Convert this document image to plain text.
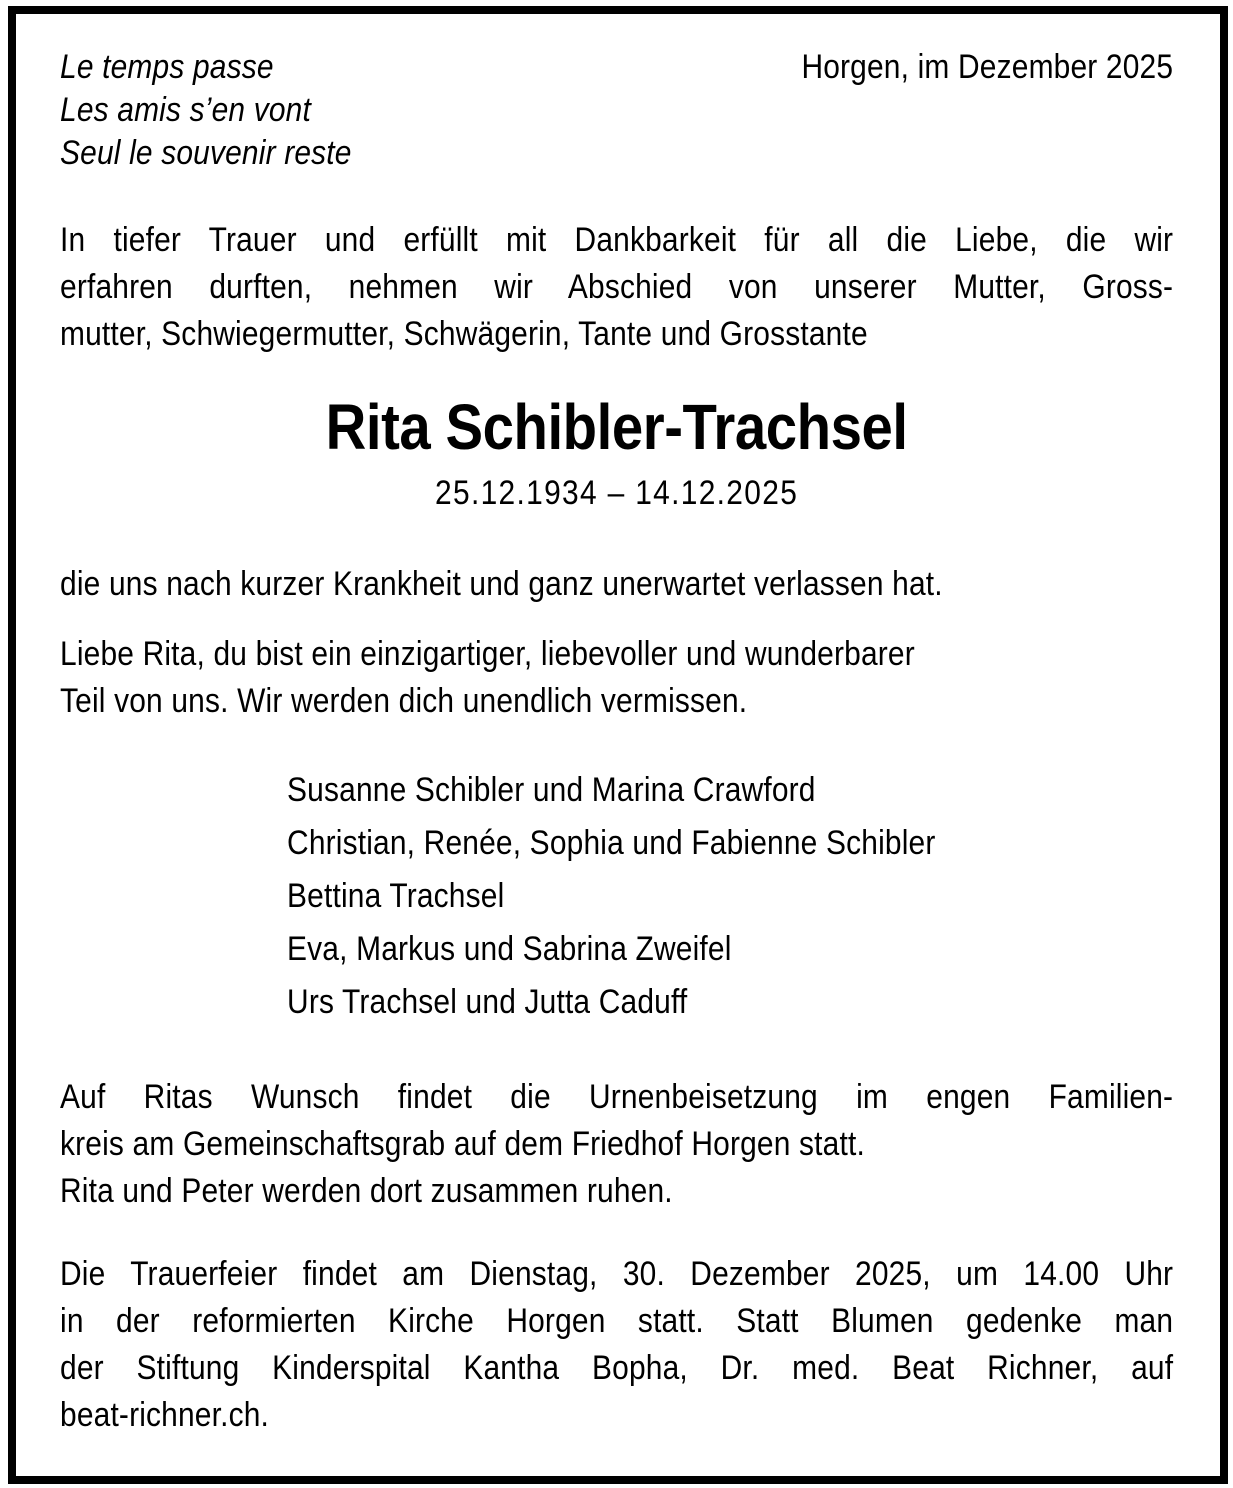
Le temps passe
Les amis s’en vont
Seul le souvenir reste
Horgen, im Dezember 2025
In tiefer Trauer und erfüllt mit Dankbarkeit für all die Liebe, die wir
erfahren durften, nehmen wir Abschied von unserer Mutter, Gross-
mutter, Schwiegermutter, Schwägerin, Tante und Grosstante
Rita Schibler-Trachsel
25.12.1934 – 14.12.2025
die uns nach kurzer Krankheit und ganz unerwartet verlassen hat.
Liebe Rita, du bist ein einzigartiger, liebevoller und wunderbarer
Teil von uns. Wir werden dich unendlich vermissen.
Susanne Schibler und Marina Crawford
Christian, Renée, Sophia und Fabienne Schibler
Bettina Trachsel
Eva, Markus und Sabrina Zweifel
Urs Trachsel und Jutta Caduff
Auf Ritas Wunsch findet die Urnenbeisetzung im engen Familien-
kreis am Gemeinschaftsgrab auf dem Friedhof Horgen statt.
Rita und Peter werden dort zusammen ruhen.
Die Trauerfeier findet am Dienstag, 30. Dezember 2025, um 14.00 Uhr
in der reformierten Kirche Horgen statt. Statt Blumen gedenke man
der Stiftung Kinderspital Kantha Bopha, Dr. med. Beat Richner, auf
beat-richner.ch.
